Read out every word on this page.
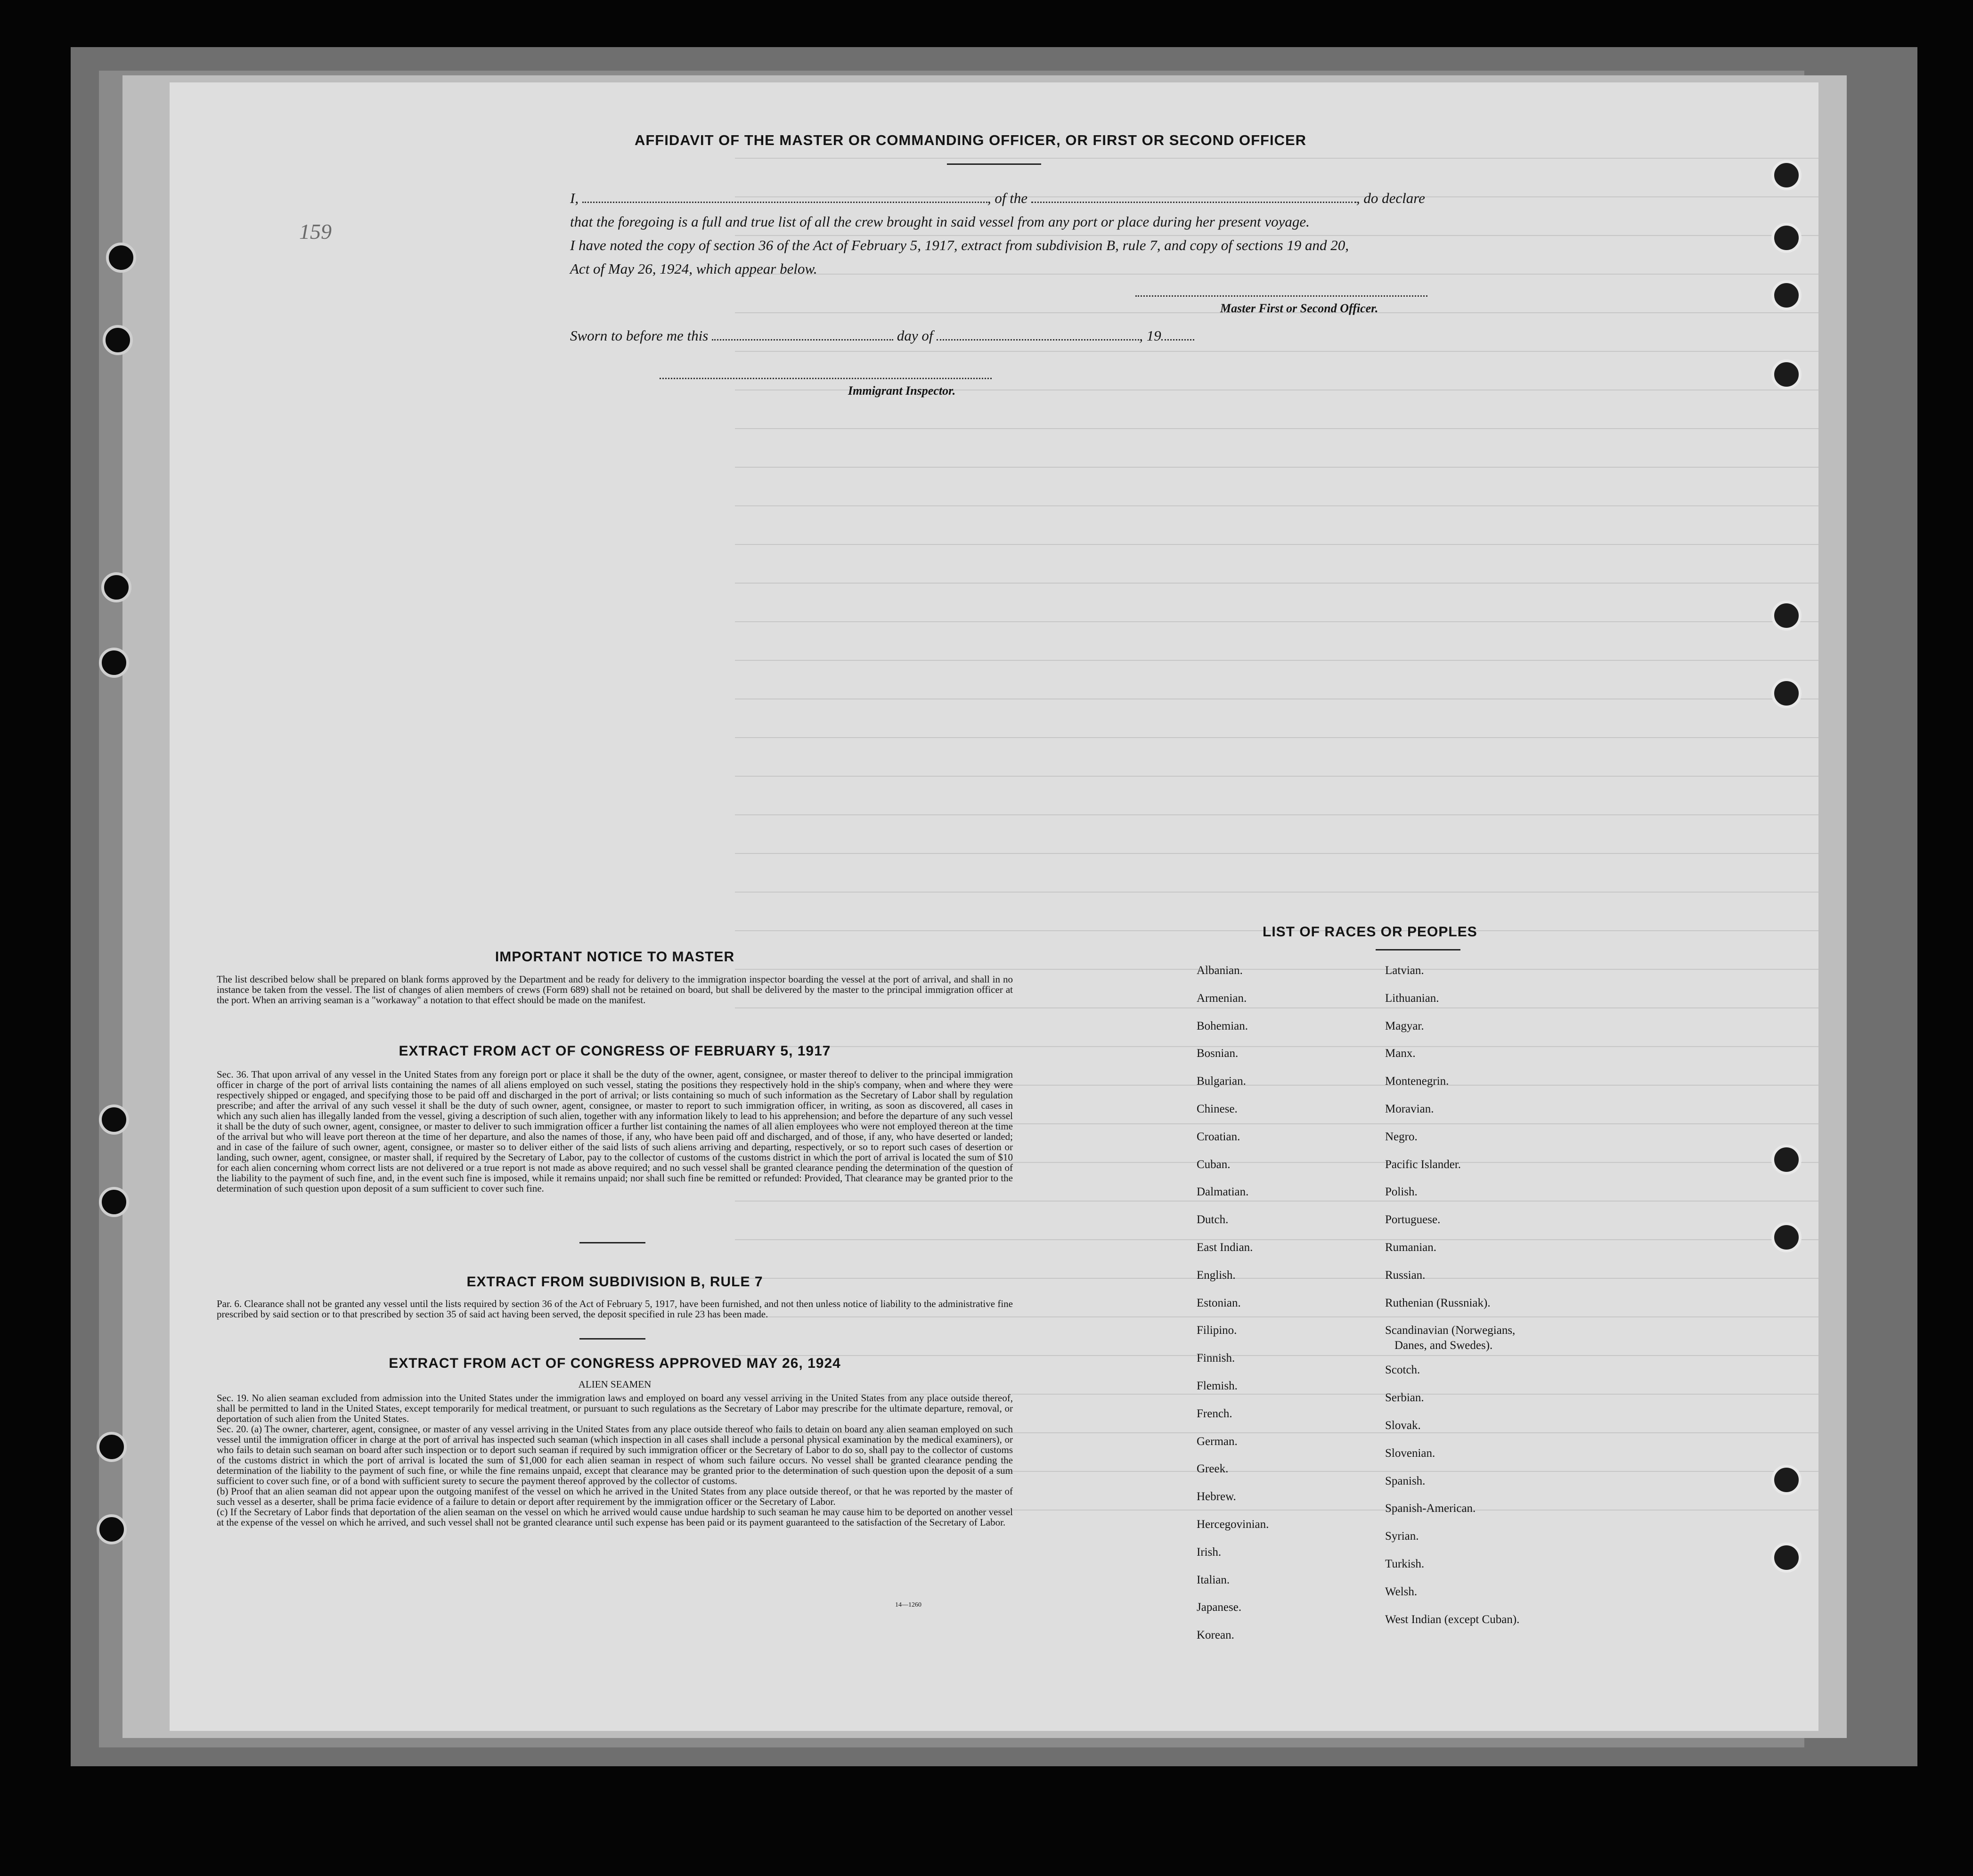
AFFIDAVIT OF THE MASTER OR COMMANDING OFFICER, OR FIRST OR SECOND OFFICER
I,	, of the	, do declare
that the foregoing is a full and true list of all the crew brought in said vessel from any port or place during her present voyage.
I have noted the copy of section 36 of the Act of February 5, 1917, extract from subdivision B, rule 7, and copy of sections 19 and 20,
Act of May 26, 1924, which appear below.
Master First or Second Officer.
Sworn to before me this	day of	, 19
Immigrant Inspector.
159
IMPORTANT NOTICE TO MASTER
The list described below shall be prepared on blank forms approved by the Department and be ready for delivery to the immigration inspector boarding the vessel at the port of arrival, and shall in no instance be taken from the vessel. The list of changes of alien members of crews (Form 689) shall not be retained on board, but shall be delivered by the master to the principal immigration officer at the port. When an arriving seaman is a "workaway" a notation to that effect should be made on the manifest.
EXTRACT FROM ACT OF CONGRESS OF FEBRUARY 5, 1917
Sec. 36. That upon arrival of any vessel in the United States from any foreign port or place it shall be the duty of the owner, agent, consignee, or master thereof to deliver to the principal immigration officer in charge of the port of arrival lists containing the names of all aliens employed on such vessel, stating the positions they respectively hold in the ship's company, when and where they were respectively shipped or engaged, and specifying those to be paid off and discharged in the port of arrival; or lists containing so much of such information as the Secretary of Labor shall by regulation prescribe; and after the arrival of any such vessel it shall be the duty of such owner, agent, consignee, or master to report to such immigration officer, in writing, as soon as discovered, all cases in which any such alien has illegally landed from the vessel, giving a description of such alien, together with any information likely to lead to his apprehension; and before the departure of any such vessel it shall be the duty of such owner, agent, consignee, or master to deliver to such immigration officer a further list containing the names of all alien employees who were not employed thereon at the time of the arrival but who will leave port thereon at the time of her departure, and also the names of those, if any, who have been paid off and discharged, and of those, if any, who have deserted or landed; and in case of the failure of such owner, agent, consignee, or master so to deliver either of the said lists of such aliens arriving and departing, respectively, or so to report such cases of desertion or landing, such owner, agent, consignee, or master shall, if required by the Secretary of Labor, pay to the collector of customs of the customs district in which the port of arrival is located the sum of $10 for each alien concerning whom correct lists are not delivered or a true report is not made as above required; and no such vessel shall be granted clearance pending the determination of the question of the liability to the payment of such fine, and, in the event such fine is imposed, while it remains unpaid; nor shall such fine be remitted or refunded: Provided, That clearance may be granted prior to the determination of such question upon deposit of a sum sufficient to cover such fine.
EXTRACT FROM SUBDIVISION B, RULE 7
Par. 6. Clearance shall not be granted any vessel until the lists required by section 36 of the Act of February 5, 1917, have been furnished, and not then unless notice of liability to the administrative fine prescribed by said section or to that prescribed by section 35 of said act having been served, the deposit specified in rule 23 has been made.
EXTRACT FROM ACT OF CONGRESS APPROVED MAY 26, 1924
ALIEN SEAMEN
Sec. 19. No alien seaman excluded from admission into the United States under the immigration laws and employed on board any vessel arriving in the United States from any place outside thereof, shall be permitted to land in the United States, except temporarily for medical treatment, or pursuant to such regulations as the Secretary of Labor may prescribe for the ultimate departure, removal, or deportation of such alien from the United States.
Sec. 20. (a) The owner, charterer, agent, consignee, or master of any vessel arriving in the United States from any place outside thereof who fails to detain on board any alien seaman employed on such vessel until the immigration officer in charge at the port of arrival has inspected such seaman (which inspection in all cases shall include a personal physical examination by the medical examiners), or who fails to detain such seaman on board after such inspection or to deport such seaman if required by such immigration officer or the Secretary of Labor to do so, shall pay to the collector of customs of the customs district in which the port of arrival is located the sum of $1,000 for each alien seaman in respect of whom such failure occurs. No vessel shall be granted clearance pending the determination of the liability to the payment of such fine, or while the fine remains unpaid, except that clearance may be granted prior to the determination of such question upon the deposit of a sum sufficient to cover such fine, or of a bond with sufficient surety to secure the payment thereof approved by the collector of customs.
(b) Proof that an alien seaman did not appear upon the outgoing manifest of the vessel on which he arrived in the United States from any place outside thereof, or that he was reported by the master of such vessel as a deserter, shall be prima facie evidence of a failure to detain or deport after requirement by the immigration officer or the Secretary of Labor.
(c) If the Secretary of Labor finds that deportation of the alien seaman on the vessel on which he arrived would cause undue hardship to such seaman he may cause him to be deported on another vessel at the expense of the vessel on which he arrived, and such vessel shall not be granted clearance until such expense has been paid or its payment guaranteed to the satisfaction of the Secretary of Labor.
14—1260
LIST OF RACES OR PEOPLES
Albanian.
Armenian.
Bohemian.
Bosnian.
Bulgarian.
Chinese.
Croatian.
Cuban.
Dalmatian.
Dutch.
East Indian.
English.
Estonian.
Filipino.
Finnish.
Flemish.
French.
German.
Greek.
Hebrew.
Hercegovinian.
Irish.
Italian.
Japanese.
Korean.
Latvian.
Lithuanian.
Magyar.
Manx.
Montenegrin.
Moravian.
Negro.
Pacific Islander.
Polish.
Portuguese.
Rumanian.
Russian.
Ruthenian (Russniak).
Scandinavian (Norwegians,
Danes, and Swedes).
Scotch.
Serbian.
Slovak.
Slovenian.
Spanish.
Spanish-American.
Syrian.
Turkish.
Welsh.
West Indian (except Cuban).
